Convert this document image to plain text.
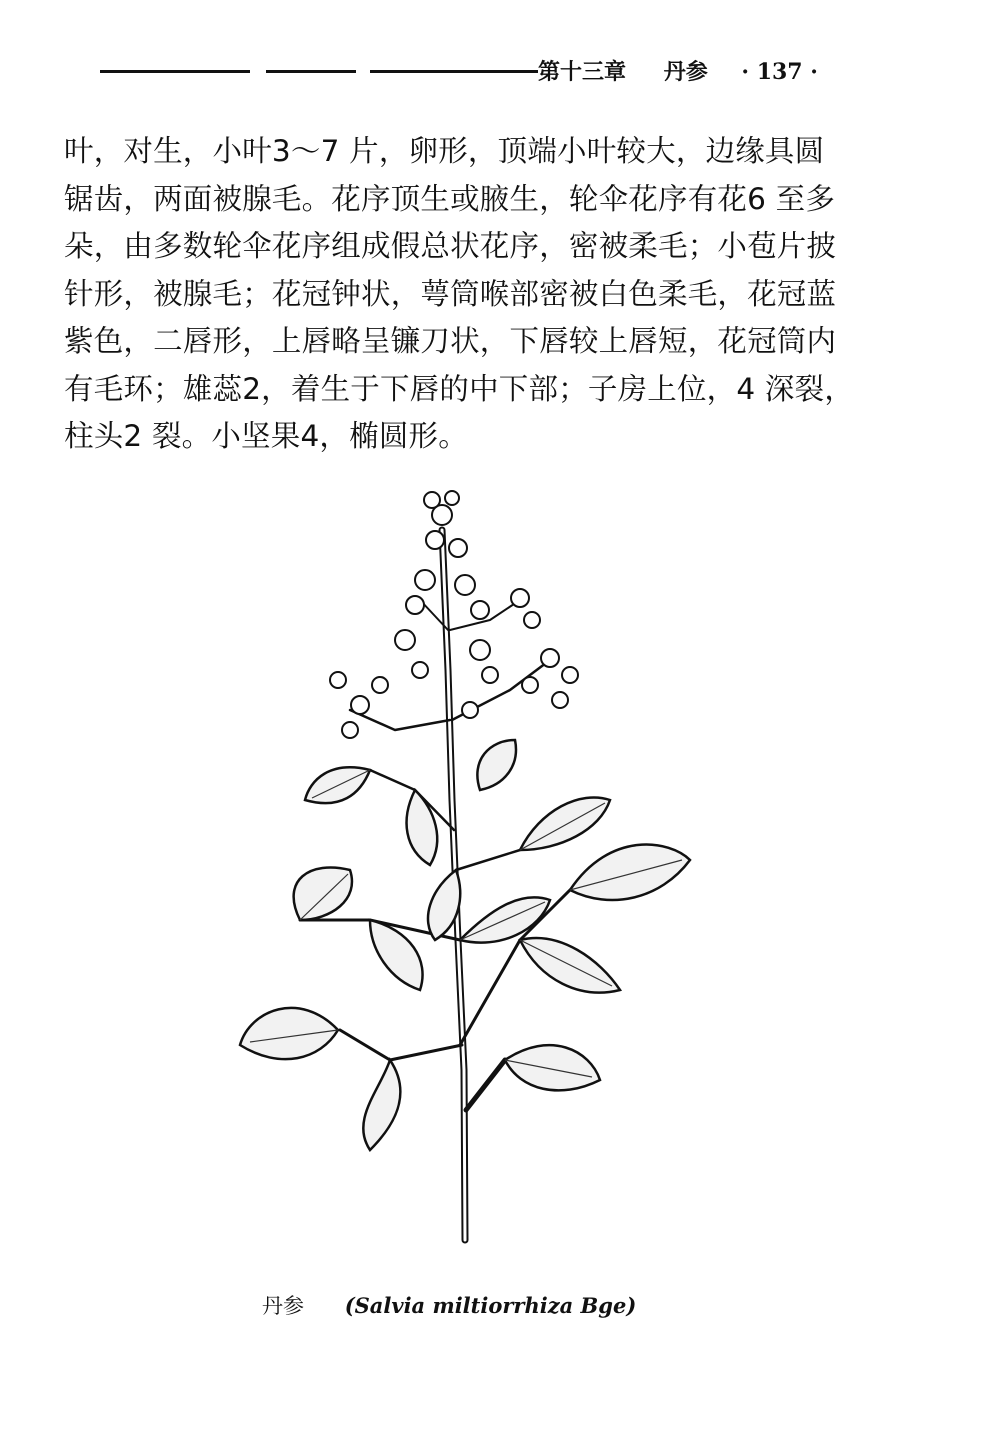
第十三章 丹参 · 137 ·

叶，对生，小叶3～7 片，卵形，顶端小叶较大，边缘具圆

锯齿，两面被腺毛。花序顶生或腋生，轮伞花序有花6 至多

朵，由多数轮伞花序组成假总状花序，密被柔毛；小苞片披

针形，被腺毛；花冠钟状，萼筒喉部密被白色柔毛，花冠蓝

紫色，二唇形，上唇略呈镰刀状，下唇较上唇短，花冠筒内

有毛环；雄蕊2，着生于下唇的中下部；子房上位，4 深裂，

柱头2 裂。小坚果4，椭圆形。

丹参 (Salvia miltiorrhiza Bge)
